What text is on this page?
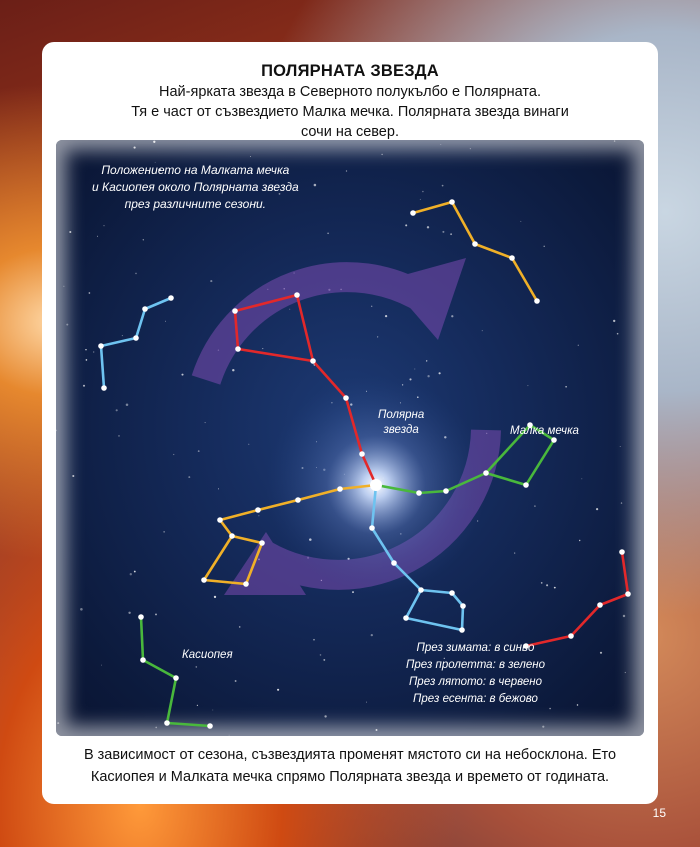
ПОЛЯРНАТА ЗВЕЗДА
Най-ярката звезда в Северното полукълбо е Полярната.
Тя е част от съзвездието Малка мечка. Полярната звезда винаги
сочи на север.
Положението на Малката мечка
и Касиопея около Полярната звезда
през различните сезони.
Полярна
звезда	Малка мечка
Касиопея
През зимата: в синьо
През пролетта: в зелено
През лятото: в червено
През есента: в бежово
В зависимост от сезона, съзвездията променят мястото си на небосклона. Ето
Касиопея и Малката мечка спрямо Полярната звезда и времето от годината.
15
